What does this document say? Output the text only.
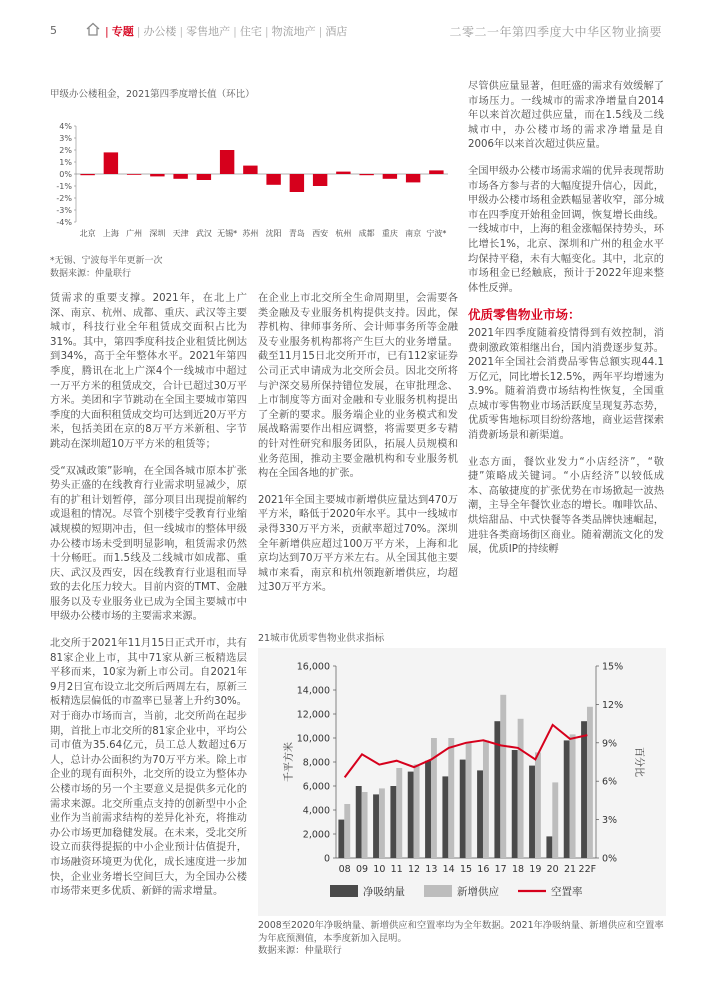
5	| 专题 | 办公楼 | 零售地产 | 住宅 | 物流地产 | 酒店	二零二一年第四季度大中华区物业摘要
甲级办公楼租金，2021第四季度增长值（环比）
4%
3%
2%
1%
0%
-1%
-2%
-3%
-4%
北京 上海 广州 深圳 天津 武汉 无锡* 苏州 沈阳 青岛 西安 杭州 成都 重庆 南京 宁波*
*无锡、宁波每半年更新一次
数据来源：仲量联行

赁需求的重要支撑。2021年，在北上广深、南京、杭州、成都、重庆、武汉等主要城市，科技行业全年租赁成交面积占比为31%。其中，第四季度科技企业租赁比例达到34%，高于全年整体水平。2021年第四季度，腾讯在北上广深4个一线城市中超过一万平方米的租赁成交，合计已超过30万平方米。美团和字节跳动在全国主要城市第四季度的大面积租赁成交均可达到近20万平方米，包括美团在京的8万平方米新租、字节跳动在深圳超10万平方米的租赁等；

受“双减政策”影响，在全国各城市原本扩张势头正盛的在线教育行业需求明显减少，原有的扩租计划暂停，部分项目出现提前解约或退租的情况。尽管个别楼宇受教育行业缩减规模的短期冲击，但一线城市的整体甲级办公楼市场未受到明显影响，租赁需求仍然十分畅旺。而1.5线及二线城市如成都、重庆、武汉及西安，因在线教育行业退租而导致的去化压力较大。目前内资的TMT、金融服务以及专业服务业已成为全国主要城市中甲级办公楼市场的主要需求来源。

北交所于2021年11月15日正式开市，共有81家企业上市，其中71家从新三板精选层平移而来，10家为新上市公司。自2021年9月2日宣布设立北交所后两周左右，原新三板精选层偏低的市盈率已显著上升约30%。对于商办市场而言，当前，北交所尚在起步期，首批上市北交所的81家企业中，平均公司市值为35.64亿元，员工总人数超过6万人，总计办公面积约为70万平方米。除上市企业的现有面积外，北交所的设立为整体办公楼市场的另一个主要意义是提供多元化的需求来源。北交所重点支持的创新型中小企业作为当前需求结构的差异化补充，将推动办公市场更加稳健发展。在未来，受北交所设立而获得提振的中小企业预计估值提升，市场融资环境更为优化，成长速度进一步加快，企业业务增长空间巨大，为全国办公楼市场带来更多优质、新鲜的需求增量。

在企业上市北交所全生命周期里，会需要各类金融及专业服务机构提供支持。因此，保荐机构、律师事务所、会计师事务所等金融及专业服务机构都将产生巨大的业务增量。截至11月15日北交所开市，已有112家证券公司正式申请成为北交所会员。因北交所将与沪深交易所保持错位发展，在审批理念、上市制度等方面对金融和专业服务机构提出了全新的要求。服务端企业的业务模式和发展战略需要作出相应调整，将需要更多专精的针对性研究和服务团队，拓展人员规模和业务范围，推动主要金融机构和专业服务机构在全国各地的扩张。

2021年全国主要城市新增供应量达到470万平方米，略低于2020年水平。其中一线城市录得330万平方米，贡献率超过70%。深圳全年新增供应超过100万平方米，上海和北京均达到70万平方米左右。从全国其他主要城市来看，南京和杭州领跑新增供应，均超过30万平方米。

尽管供应量显著，但旺盛的需求有效缓解了市场压力。一线城市的需求净增量自2014年以来首次超过供应量，而在1.5线及二线城市中，办公楼市场的需求净增量是自2006年以来首次超过供应量。

全国甲级办公楼市场需求端的优异表现帮助市场各方参与者的大幅度提升信心，因此，甲级办公楼市场租金跌幅显著收窄，部分城市在四季度开始租金回调，恢复增长曲线。一线城市中，上海的租金涨幅保持势头，环比增长1%，北京、深圳和广州的租金水平均保持平稳，未有大幅变化。其中，北京的市场租金已经触底，预计于2022年迎来整体性反弹。

优质零售物业市场：

2021年四季度随着疫情得到有效控制，消费刺激政策相继出台，国内消费逐步复苏。2021年全国社会消费品零售总额实现44.1万亿元，同比增长12.5%，两年平均增速为3.9%。随着消费市场结构性恢复，全国重点城市零售物业市场活跃度呈现复苏态势，优质零售地标项目纷纷落地，商业运营探索消费新场景和新渠道。

业态方面，餐饮业发力“小店经济”，“敬捷”策略成关键词。“小店经济”以较低成本、高敏捷度的扩张优势在市场掀起一波热潮，主导全年餐饮业态的增长。咖啡饮品、烘焙甜品、中式快餐等各类品牌快速崛起，进驻各类商场街区商业。随着潮流文化的发展，优质IP的持续孵

21城市优质零售物业供求指标
0
2,000
4,000
6,000
8,000
10,000
12,000
14,000
16,000
0%
3%
6%
9%
12%
15%
千平方米	百分比
08 09 10 11 12 13 14 15 16 17 18 19 20 21 22F
净吸纳量	新增供应	空置率
2008至2020年净吸纳量、新增供应和空置率均为全年数据。2021年净吸纳量、新增供应和空置率为年底预测值，本季度新加入昆明。
数据来源：仲量联行
